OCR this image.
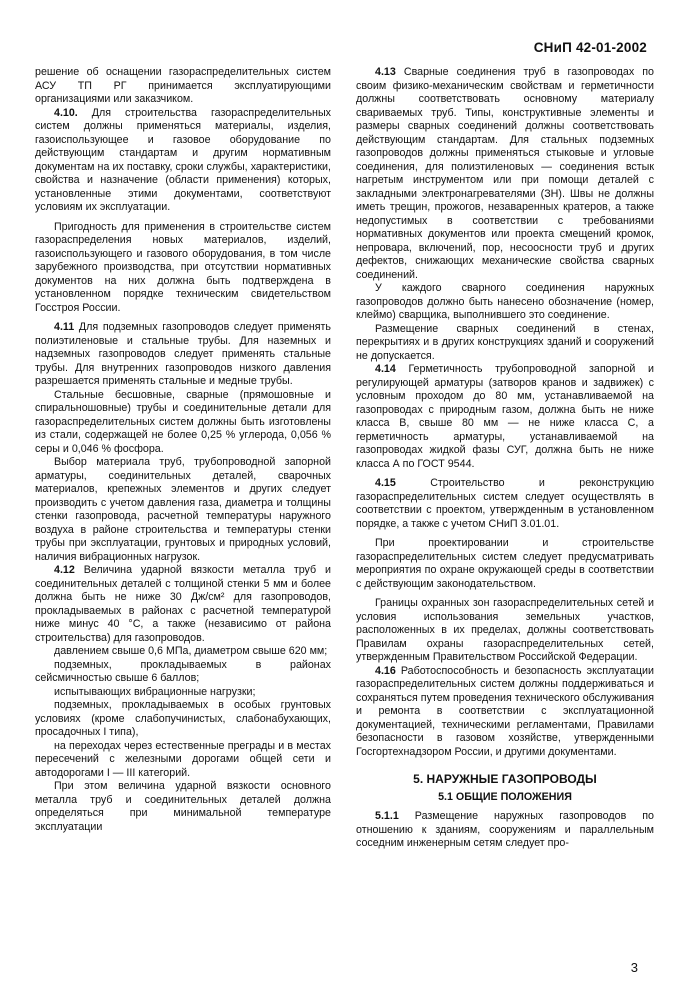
СНиП 42-01-2002

решение об оснащении газораспределительных систем АСУ ТП РГ принимается эксплуатирующими организациями или заказчиком.

4.10. Для строительства газораспределительных систем должны применяться материалы, изделия, газоиспользующее и газовое оборудование по действующим стандартам и другим нормативным документам на их поставку, сроки службы, характеристики, свойства и назначение (области применения) которых, установленные этими документами, соответствуют условиям их эксплуатации.

Пригодность для применения в строительстве систем газораспределения новых материалов, изделий, газоиспользующего и газового оборудования, в том числе зарубежного производства, при отсутствии нормативных документов на них должна быть подтверждена в установленном порядке техническим свидетельством Госстроя России.

4.11 Для подземных газопроводов следует применять полиэтиленовые и стальные трубы. Для наземных и надземных газопроводов следует применять стальные трубы. Для внутренних газопроводов низкого давления разрешается применять стальные и медные трубы.

Стальные бесшовные, сварные (прямошовные и спиральношовные) трубы и соединительные детали для газораспределительных систем должны быть изготовлены из стали, содержащей не более 0,25 % углерода, 0,056 % серы и 0,046 % фосфора.

Выбор материала труб, трубопроводной запорной арматуры, соединительных деталей, сварочных материалов, крепежных элементов и других следует производить с учетом давления газа, диаметра и толщины стенки газопровода, расчетной температуры наружного воздуха в районе строительства и температуры стенки трубы при эксплуатации, грунтовых и природных условий, наличия вибрационных нагрузок.

4.12 Величина ударной вязкости металла труб и соединительных деталей с толщиной стенки 5 мм и более должна быть не ниже 30 Дж/см² для газопроводов, прокладываемых в районах с расчетной температурой ниже минус 40 °С, а также (независимо от района строительства) для газопроводов.

давлением свыше 0,6 МПа, диаметром свыше 620 мм;

подземных, прокладываемых в районах сейсмичностью свыше 6 баллов;

испытывающих вибрационные нагрузки;

подземных, прокладываемых в особых грунтовых условиях (кроме слабопучинистых, слабонабухающих, просадочных I типа),

на переходах через естественные преграды и в местах пересечений с железными дорогами общей сети и автодорогами I — III категорий.

При этом величина ударной вязкости основного металла труб и соединительных деталей должна определяться при минимальной температуре эксплуатации

4.13 Сварные соединения труб в газопроводах по своим физико-механическим свойствам и герметичности должны соответствовать основному материалу свариваемых труб. Типы, конструктивные элементы и размеры сварных соединений должны соответствовать действующим стандартам. Для стальных подземных газопроводов должны применяться стыковые и угловые соединения, для полиэтиленовых — соединения встык нагретым инструментом или при помощи деталей с закладными электронагревателями (ЗН). Швы не должны иметь трещин, прожогов, незаваренных кратеров, а также недопустимых в соответствии с требованиями нормативных документов или проекта смещений кромок, непровара, включений, пор, несоосности труб и других дефектов, снижающих механические свойства сварных соединений.

У каждого сварного соединения наружных газопроводов должно быть нанесено обозначение (номер, клеймо) сварщика, выполнившего это соединение.

Размещение сварных соединений в стенах, перекрытиях и в других конструкциях зданий и сооружений не допускается.

4.14 Герметичность трубопроводной запорной и регулирующей арматуры (затворов кранов и задвижек) с условным проходом до 80 мм, устанавливаемой на газопроводах с природным газом, должна быть не ниже класса В, свыше 80 мм — не ниже класса С, а герметичность арматуры, устанавливаемой на газопроводах жидкой фазы СУГ, должна быть не ниже класса А по ГОСТ 9544.

4.15	Строительство и реконструкцию газораспределительных систем следует осуществлять в соответствии с проектом, утвержденным в установленном порядке, а также с учетом СНиП 3.01.01.

При проектировании и строительстве газораспределительных систем следует предусматривать мероприятия по охране окружающей среды в соответствии с действующим законодательством.

Границы охранных зон газораспределительных сетей и условия использования земельных участков, расположенных в их пределах, должны соответствовать Правилам охраны газораспределительных сетей, утвержденным Правительством Российской Федерации.

4.16 Работоспособность и безопасность эксплуатации газораспределительных систем должны поддерживаться и сохраняться путем проведения технического обслуживания и ремонта в соответствии с эксплуатационной документацией, техническими регламентами, Правилами безопасности в газовом хозяйстве, утвержденными Госгортехнадзором России, и другими документами.

5. НАРУЖНЫЕ ГАЗОПРОВОДЫ
5.1 ОБЩИЕ ПОЛОЖЕНИЯ

5.1.1 Размещение наружных газопроводов по отношению к зданиям, сооружениям и параллельным соседним инженерным сетям следует про-

3
